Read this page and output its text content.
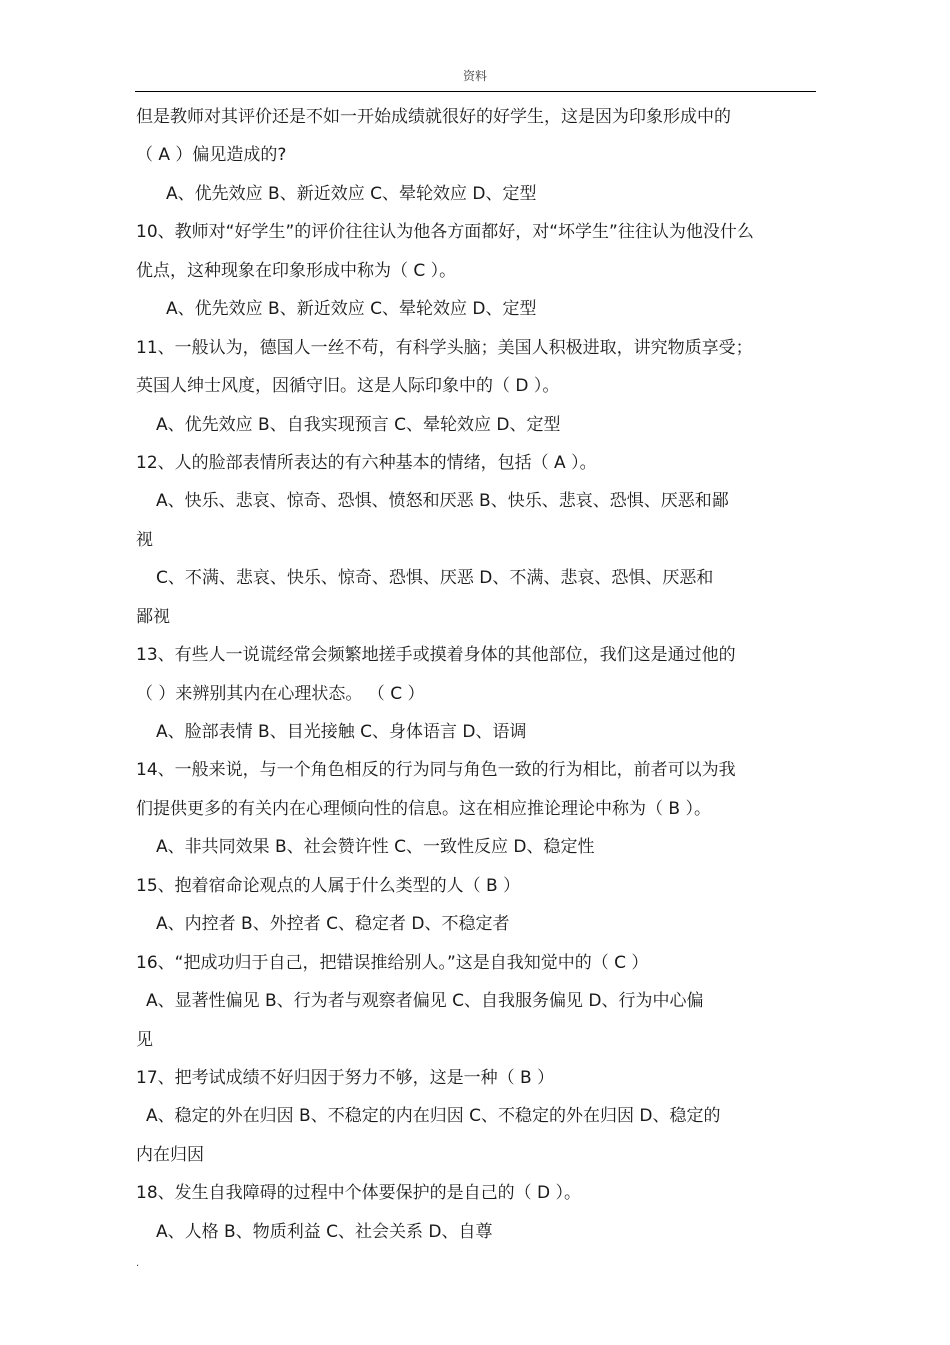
资料
但是教师对其评价还是不如一开始成绩就很好的好学生，这是因为印象形成中的
（ A ）偏见造成的?
A、优先效应 B、新近效应 C、晕轮效应 D、定型
10、教师对“好学生”的评价往往认为他各方面都好，对“坏学生”往往认为他没什么
优点，这种现象在印象形成中称为（ C ）。
A、优先效应 B、新近效应 C、晕轮效应 D、定型
11、一般认为，德国人一丝不苟，有科学头脑；美国人积极进取，讲究物质享受；
英国人绅士风度，因循守旧。这是人际印象中的（ D ）。
A、优先效应 B、自我实现预言 C、晕轮效应 D、定型
12、人的脸部表情所表达的有六种基本的情绪，包括（ A ）。
A、快乐、悲哀、惊奇、恐惧、愤怒和厌恶 B、快乐、悲哀、恐惧、厌恶和鄙
视
C、不满、悲哀、快乐、惊奇、恐惧、厌恶 D、不满、悲哀、恐惧、厌恶和
鄙视
13、有些人一说谎经常会频繁地搓手或摸着身体的其他部位，我们这是通过他的
（ ）来辨别其内在心理状态。 （ C ）
A、脸部表情 B、目光接触 C、身体语言 D、语调
14、一般来说，与一个角色相反的行为同与角色一致的行为相比，前者可以为我
们提供更多的有关内在心理倾向性的信息。这在相应推论理论中称为（ B ）。
A、非共同效果 B、社会赞许性 C、一致性反应 D、稳定性
15、抱着宿命论观点的人属于什么类型的人（ B ）
A、内控者 B、外控者 C、稳定者 D、不稳定者
16、“把成功归于自己，把错误推给别人。”这是自我知觉中的（ C ）
A、显著性偏见 B、行为者与观察者偏见 C、自我服务偏见 D、行为中心偏
见
17、把考试成绩不好归因于努力不够，这是一种（ B ）
A、稳定的外在归因 B、不稳定的内在归因 C、不稳定的外在归因 D、稳定的
内在归因
18、发生自我障碍的过程中个体要保护的是自己的（ D ）。
A、人格 B、物质利益 C、社会关系 D、自尊
.
